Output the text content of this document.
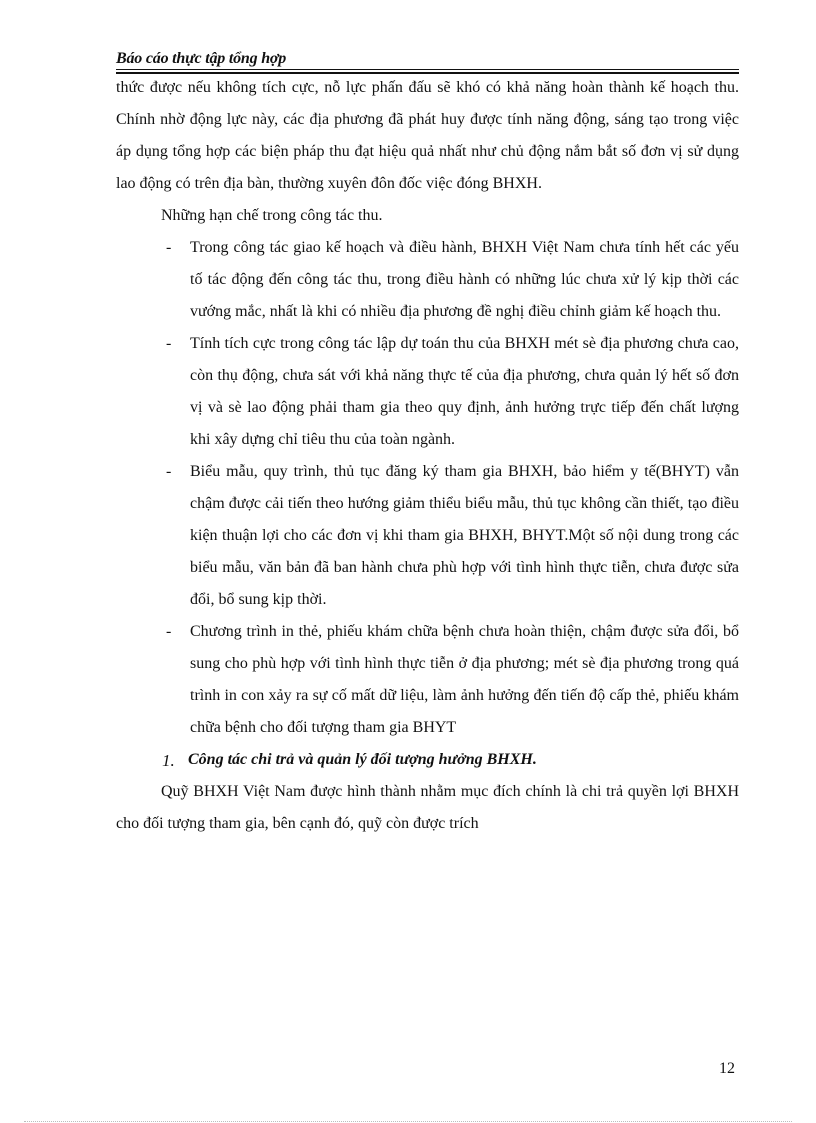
Báo cáo thực tập tổng hợp

thức được nếu không tích cực, nỗ lực phấn đấu sẽ khó có khả năng hoàn thành kế hoạch thu. Chính nhờ động lực này, các địa phương đã phát huy được tính năng động, sáng tạo trong việc áp dụng tổng hợp các biện pháp thu đạt hiệu quả nhất như chủ động nắm bắt số đơn vị sử dụng lao động có trên địa bàn, thường xuyên đôn đốc việc đóng BHXH.

Những hạn chế trong công tác thu.

- Trong công tác giao kế hoạch và điều hành, BHXH Việt Nam chưa tính hết các yếu tố tác động đến công tác thu, trong điều hành có những lúc chưa xử lý kịp thời các vướng mắc, nhất là khi có nhiều địa phương đề nghị điều chỉnh giảm kế hoạch thu.
- Tính tích cực trong công tác lập dự toán thu của BHXH mét sè địa phương chưa cao, còn thụ động, chưa sát với khả năng thực tế của địa phương, chưa quản lý hết số đơn vị và sè lao động phải tham gia theo quy định, ảnh hưởng trực tiếp đến chất lượng khi xây dựng chỉ tiêu thu của toàn ngành.
- Biểu mẫu, quy trình, thủ tục đăng ký tham gia BHXH, bảo hiểm y tế(BHYT) vẫn chậm được cải tiến theo hướng giảm thiểu biểu mẫu, thủ tục không cần thiết, tạo điều kiện thuận lợi cho các đơn vị khi tham gia BHXH, BHYT.Một số nội dung trong các biểu mẫu, văn bản đã ban hành chưa phù hợp với tình hình thực tiễn, chưa được sửa đổi, bổ sung kịp thời.
- Chương trình in thẻ, phiếu khám chữa bệnh chưa hoàn thiện, chậm được sửa đổi, bổ sung cho phù hợp với tình hình thực tiễn ở địa phương; mét sè địa phương trong quá trình in con xảy ra sự cố mất dữ liệu, làm ảnh hưởng đến tiến độ cấp thẻ, phiếu khám chữa bệnh cho đối tượng tham gia BHYT

1. Công tác chi trả và quản lý đối tượng hưởng BHXH.

Quỹ BHXH Việt Nam được hình thành nhằm mục đích chính là chi trả quyền lợi BHXH cho đối tượng tham gia, bên cạnh đó, quỹ còn được trích

12
